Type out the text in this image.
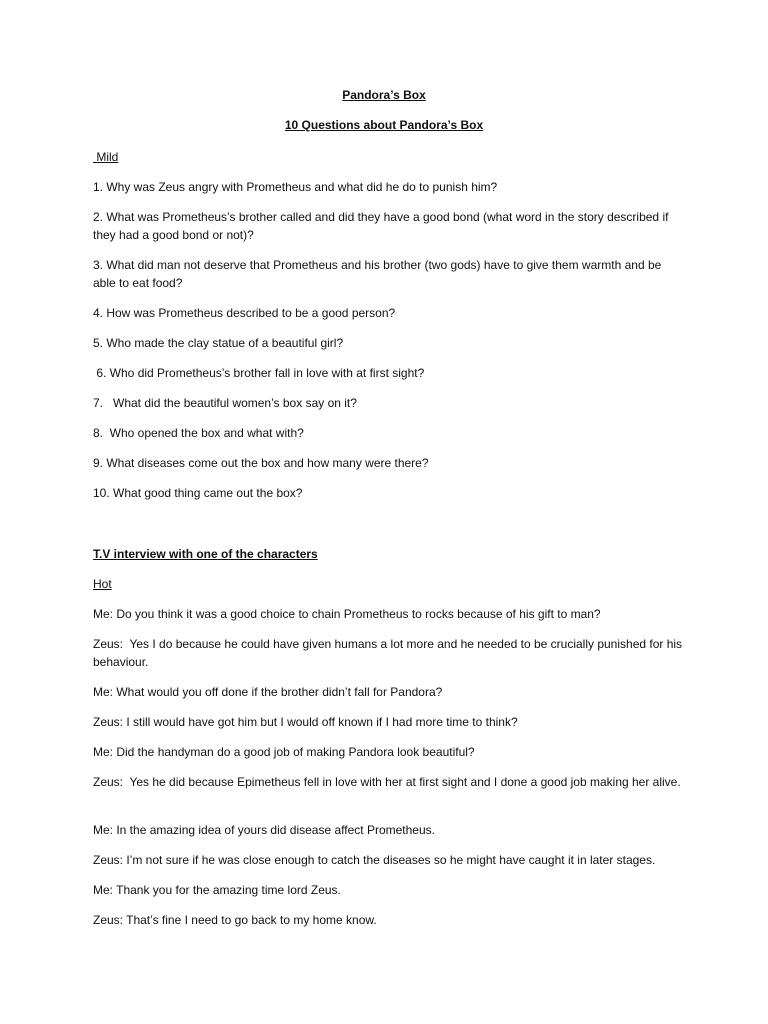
Pandora’s Box
10 Questions about Pandora’s Box
Mild
1. Why was Zeus angry with Prometheus and what did he do to punish him?
2. What was Prometheus’s brother called and did they have a good bond (what word in the story described if they had a good bond or not)?
3. What did man not deserve that Prometheus and his brother (two gods) have to give them warmth and be able to eat food?
4. How was Prometheus described to be a good person?
5. Who made the clay statue of a beautiful girl?
6. Who did Prometheus’s brother fall in love with at first sight?
7.   What did the beautiful women’s box say on it?
8.  Who opened the box and what with?
9. What diseases come out the box and how many were there?
10. What good thing came out the box?
T.V interview with one of the characters
Hot
Me: Do you think it was a good choice to chain Prometheus to rocks because of his gift to man?
Zeus:  Yes I do because he could have given humans a lot more and he needed to be crucially punished for his behaviour.
Me: What would you off done if the brother didn’t fall for Pandora?
Zeus: I still would have got him but I would off known if I had more time to think?
Me: Did the handyman do a good job of making Pandora look beautiful?
Zeus:  Yes he did because Epimetheus fell in love with her at first sight and I done a good job making her alive.
Me: In the amazing idea of yours did disease affect Prometheus.
Zeus: I’m not sure if he was close enough to catch the diseases so he might have caught it in later stages.
Me: Thank you for the amazing time lord Zeus.
Zeus: That’s fine I need to go back to my home know.
